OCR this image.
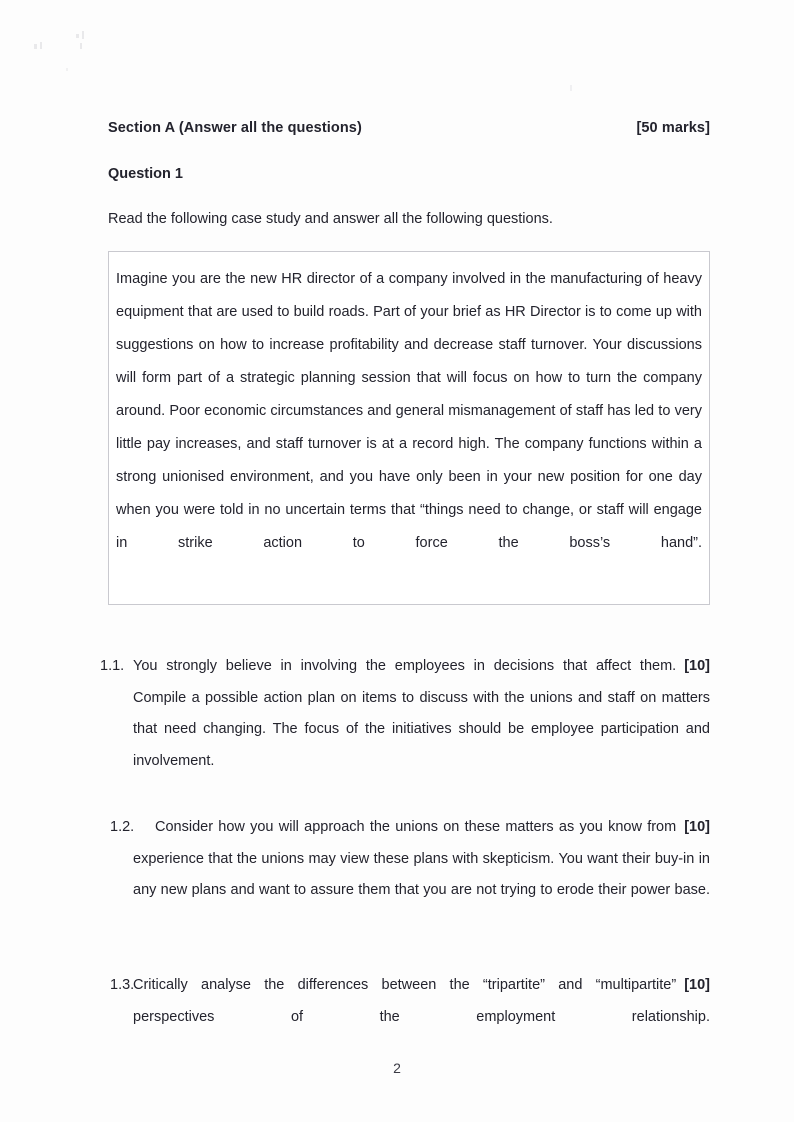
Section A (Answer all the questions)	[50 marks]
Question 1
Read the following case study and answer all the following questions.

Imagine you are the new HR director of a company involved in the manufacturing of heavy equipment that are used to build roads. Part of your brief as HR Director is to come up with suggestions on how to increase profitability and decrease staff turnover. Your discussions will form part of a strategic planning session that will focus on how to turn the company around. Poor economic circumstances and general mismanagement of staff has led to very little pay increases, and staff turnover is at a record high. The company functions within a strong unionised environment, and you have only been in your new position for one day when you were told in no uncertain terms that “things need to change, or staff will engage in strike action to force the boss’s hand”.

1.1.	[10]
You strongly believe in involving the employees in decisions that affect them. Compile a possible action plan on items to discuss with the unions and staff on matters that need changing. The focus of the initiatives should be employee participation and involvement.
1.2.	[10]
Consider how you will approach the unions on these matters as you know from experience that the unions may view these plans with skepticism. You want their buy-in in any new plans and want to assure them that you are not trying to erode their power base.
1.3.	[10]
Critically analyse the differences between the “tripartite” and “multipartite” perspectives of the employment relationship.
2
